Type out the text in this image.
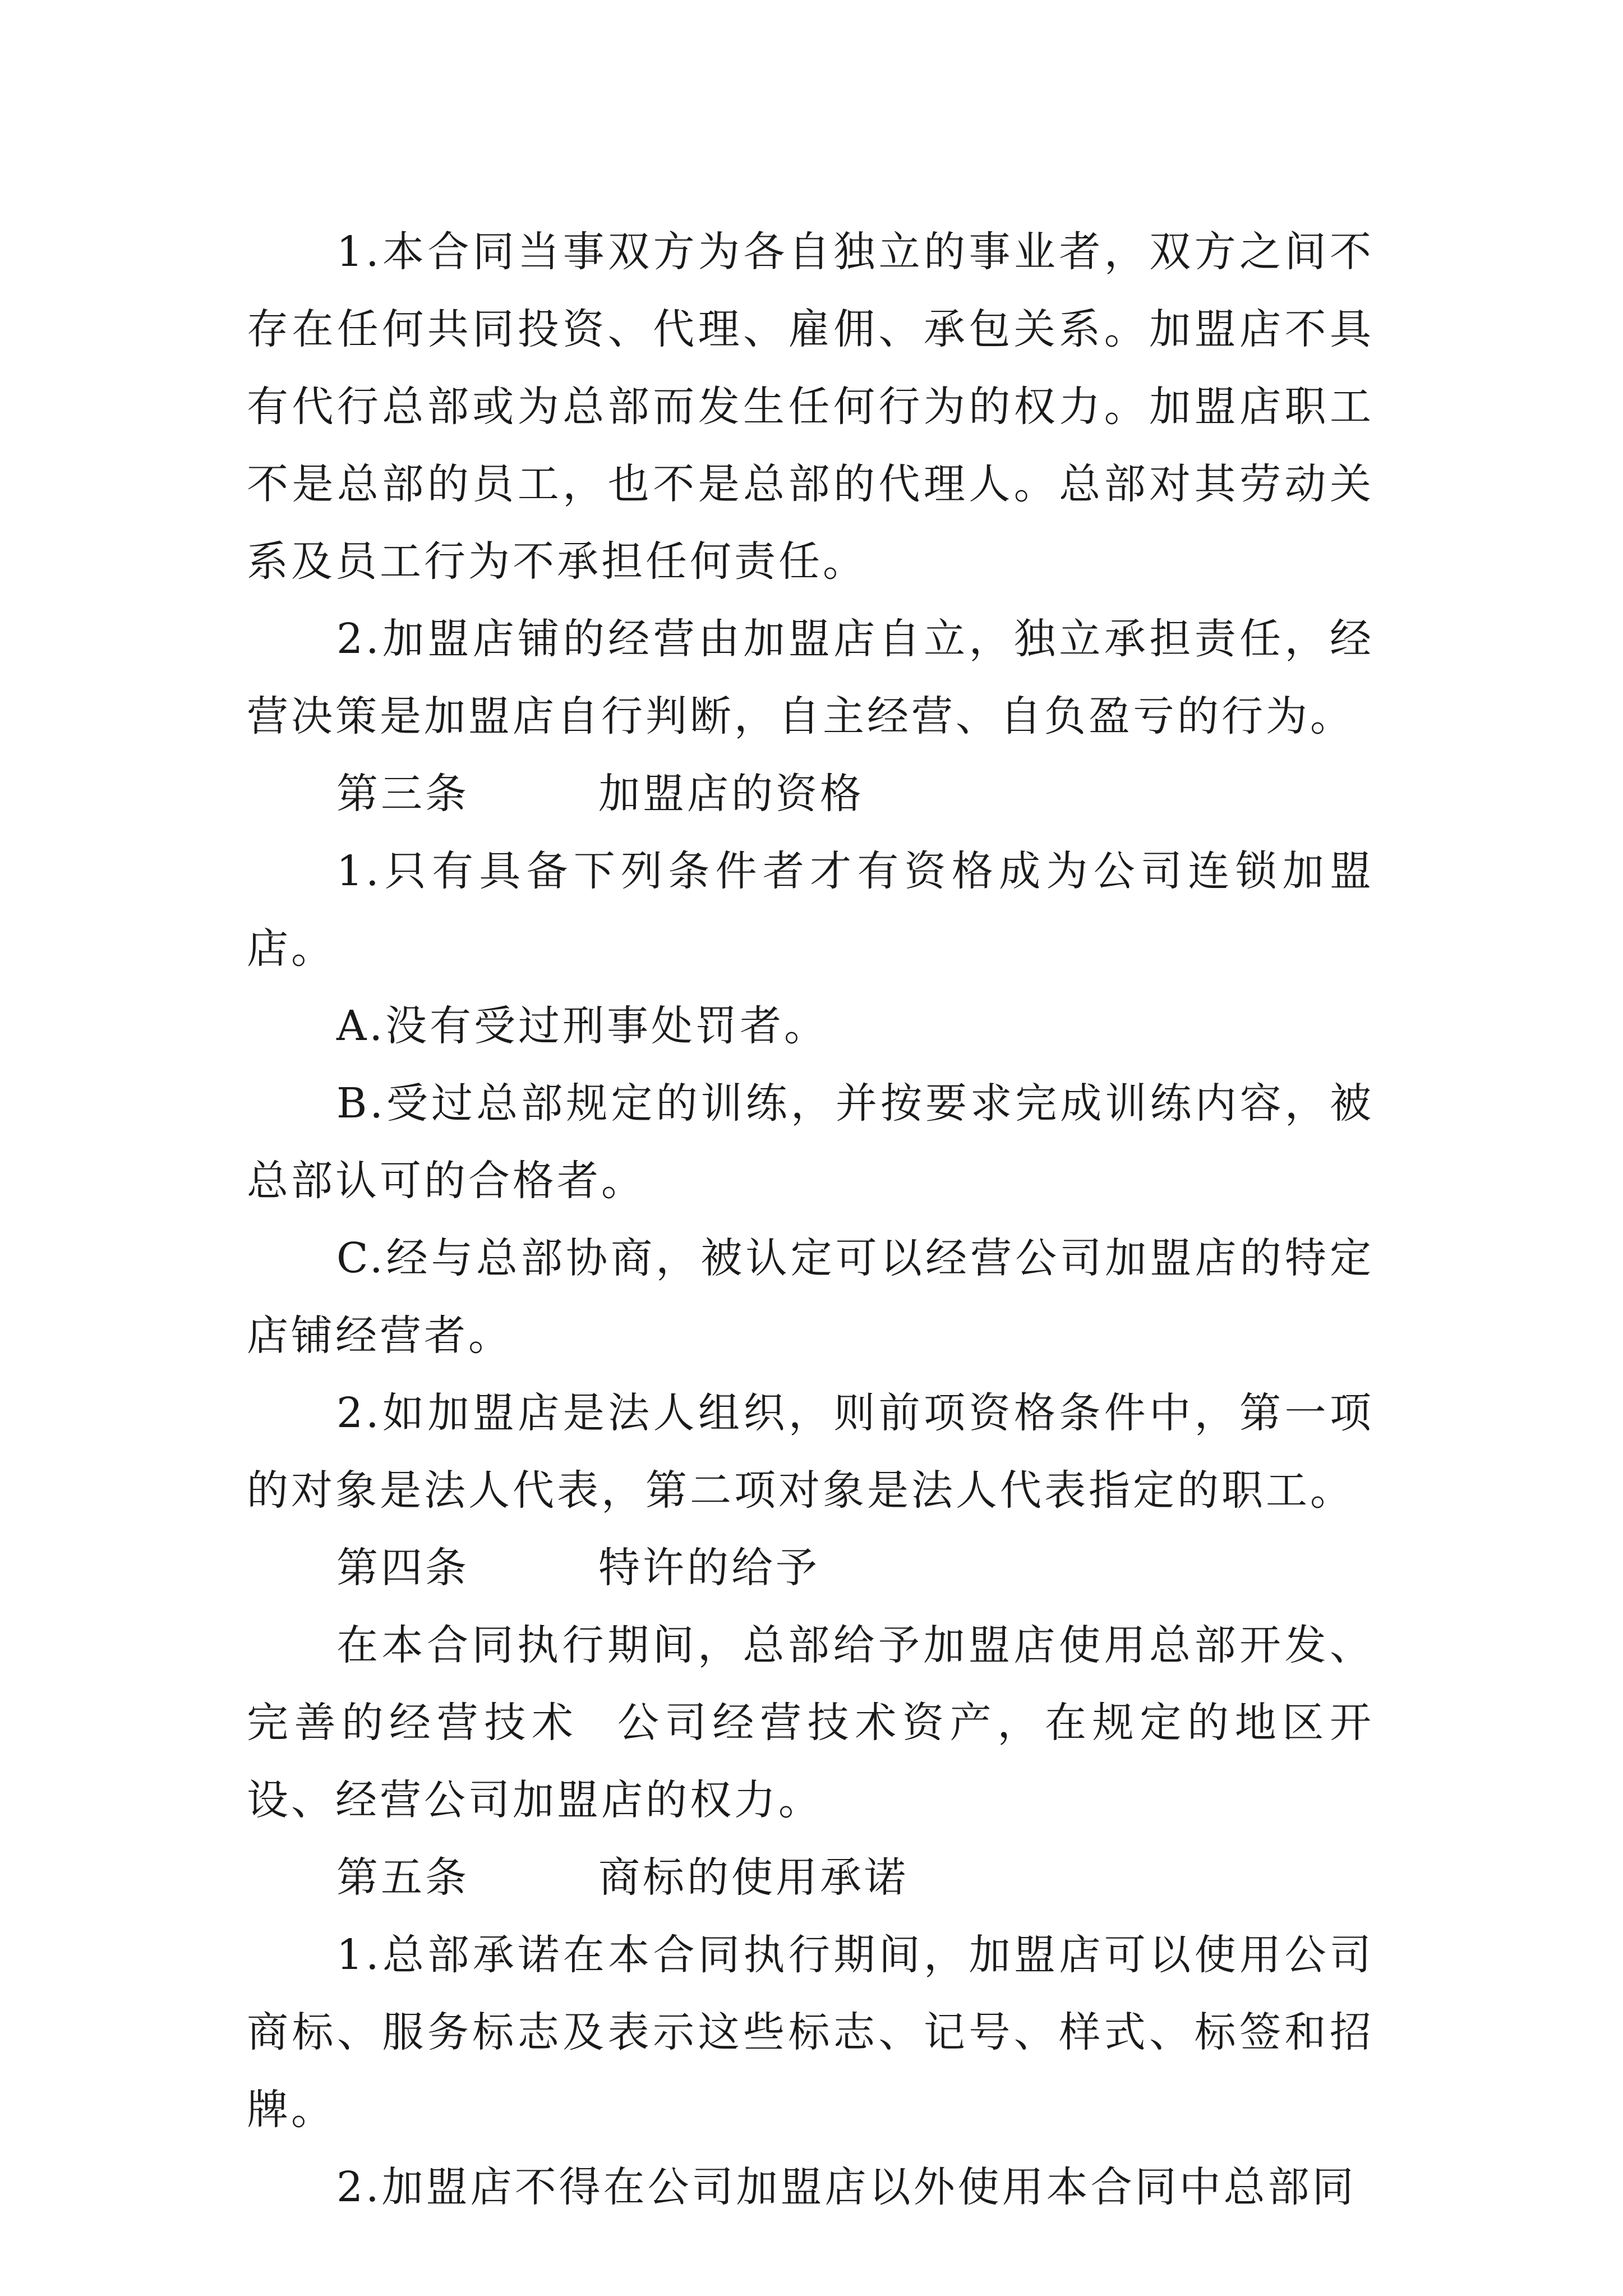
1.本合同当事双方为各自独立的事业者，双方之间不存在任何共同投资、代理、雇佣、承包关系。加盟店不具有代行总部或为总部而发生任何行为的权力。加盟店职工不是总部的员工，也不是总部的代理人。总部对其劳动关系及员工行为不承担任何责任。

2.加盟店铺的经营由加盟店自立，独立承担责任，经营决策是加盟店自行判断，自主经营、自负盈亏的行为。

第三条	加盟店的资格

1.只有具备下列条件者才有资格成为公司连锁加盟店。

A.没有受过刑事处罚者。

B.受过总部规定的训练，并按要求完成训练内容，被总部认可的合格者。

C.经与总部协商，被认定可以经营公司加盟店的特定店铺经营者。

2.如加盟店是法人组织，则前项资格条件中，第一项的对象是法人代表，第二项对象是法人代表指定的职工。

第四条	特许的给予

在本合同执行期间，总部给予加盟店使用总部开发、完善的经营技术  公司经营技术资产，在规定的地区开设、经营公司加盟店的权力。

第五条	商标的使用承诺

1.总部承诺在本合同执行期间，加盟店可以使用公司商标、服务标志及表示这些标志、记号、样式、标签和招牌。

2.加盟店不得在公司加盟店以外使用本合同中总部同
